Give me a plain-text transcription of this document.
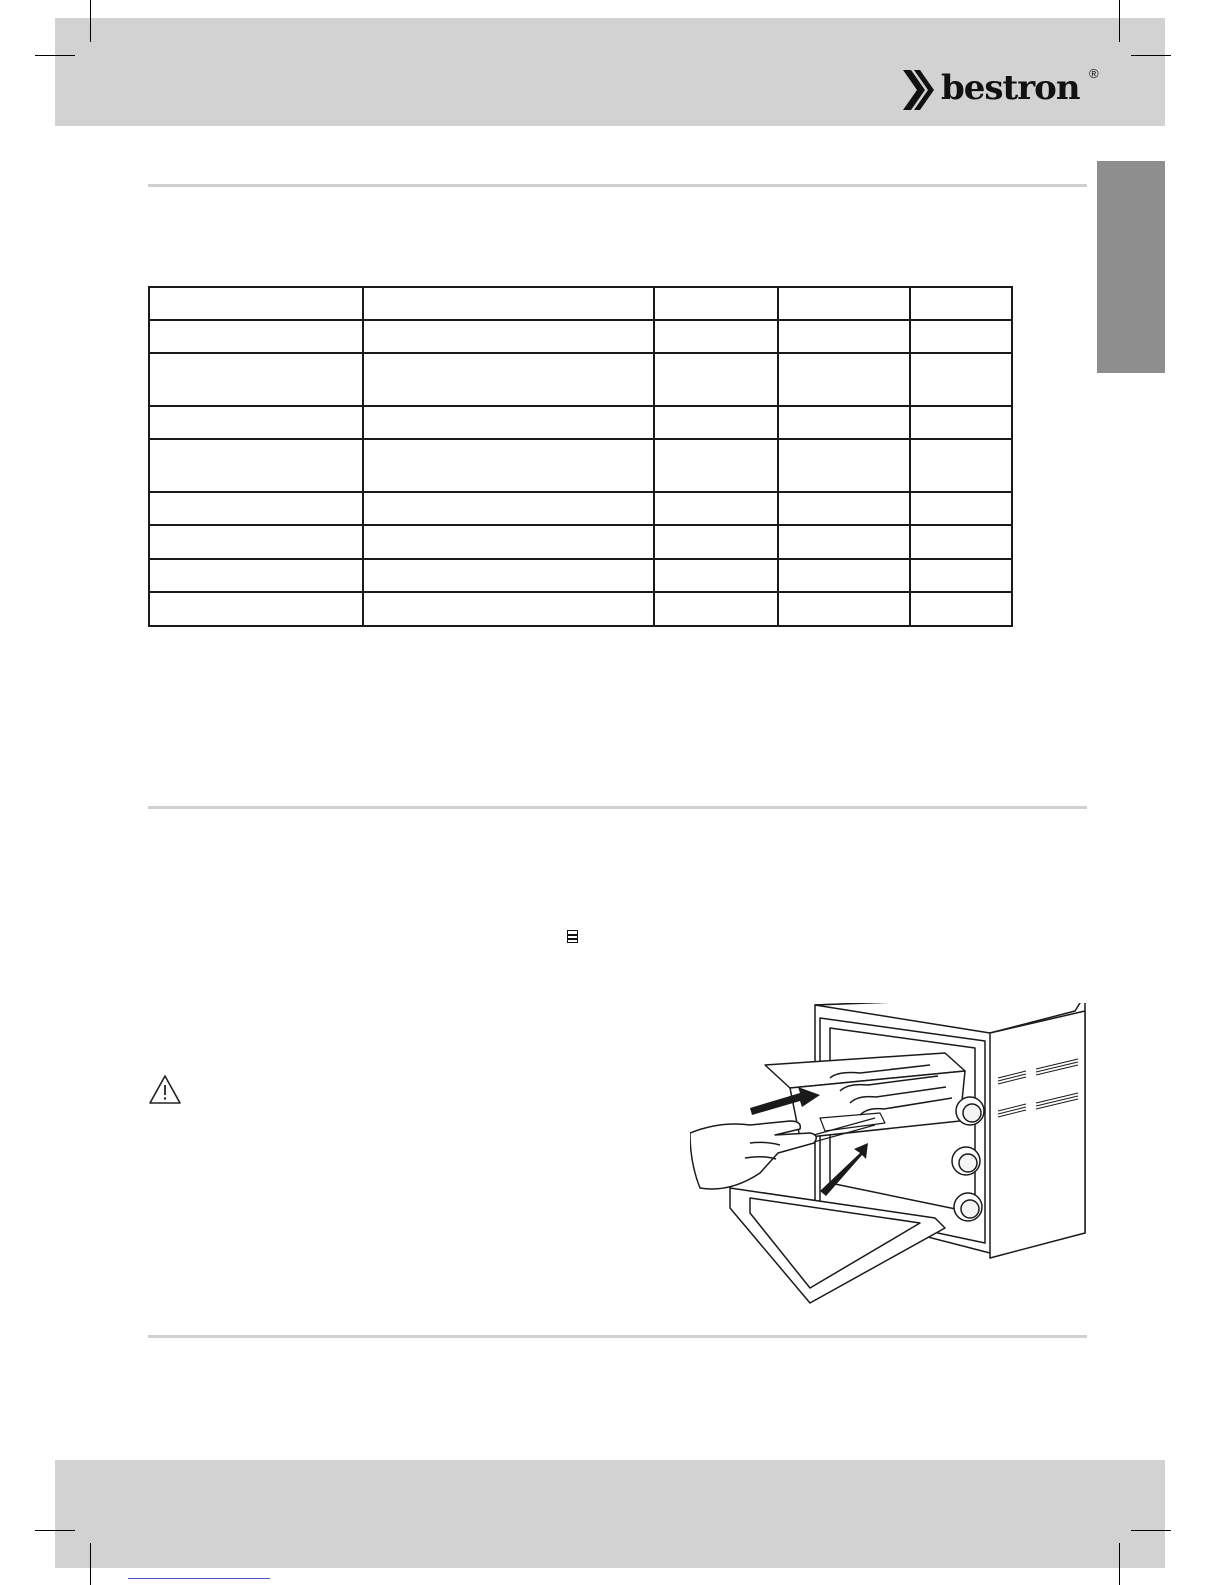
bestron ®
